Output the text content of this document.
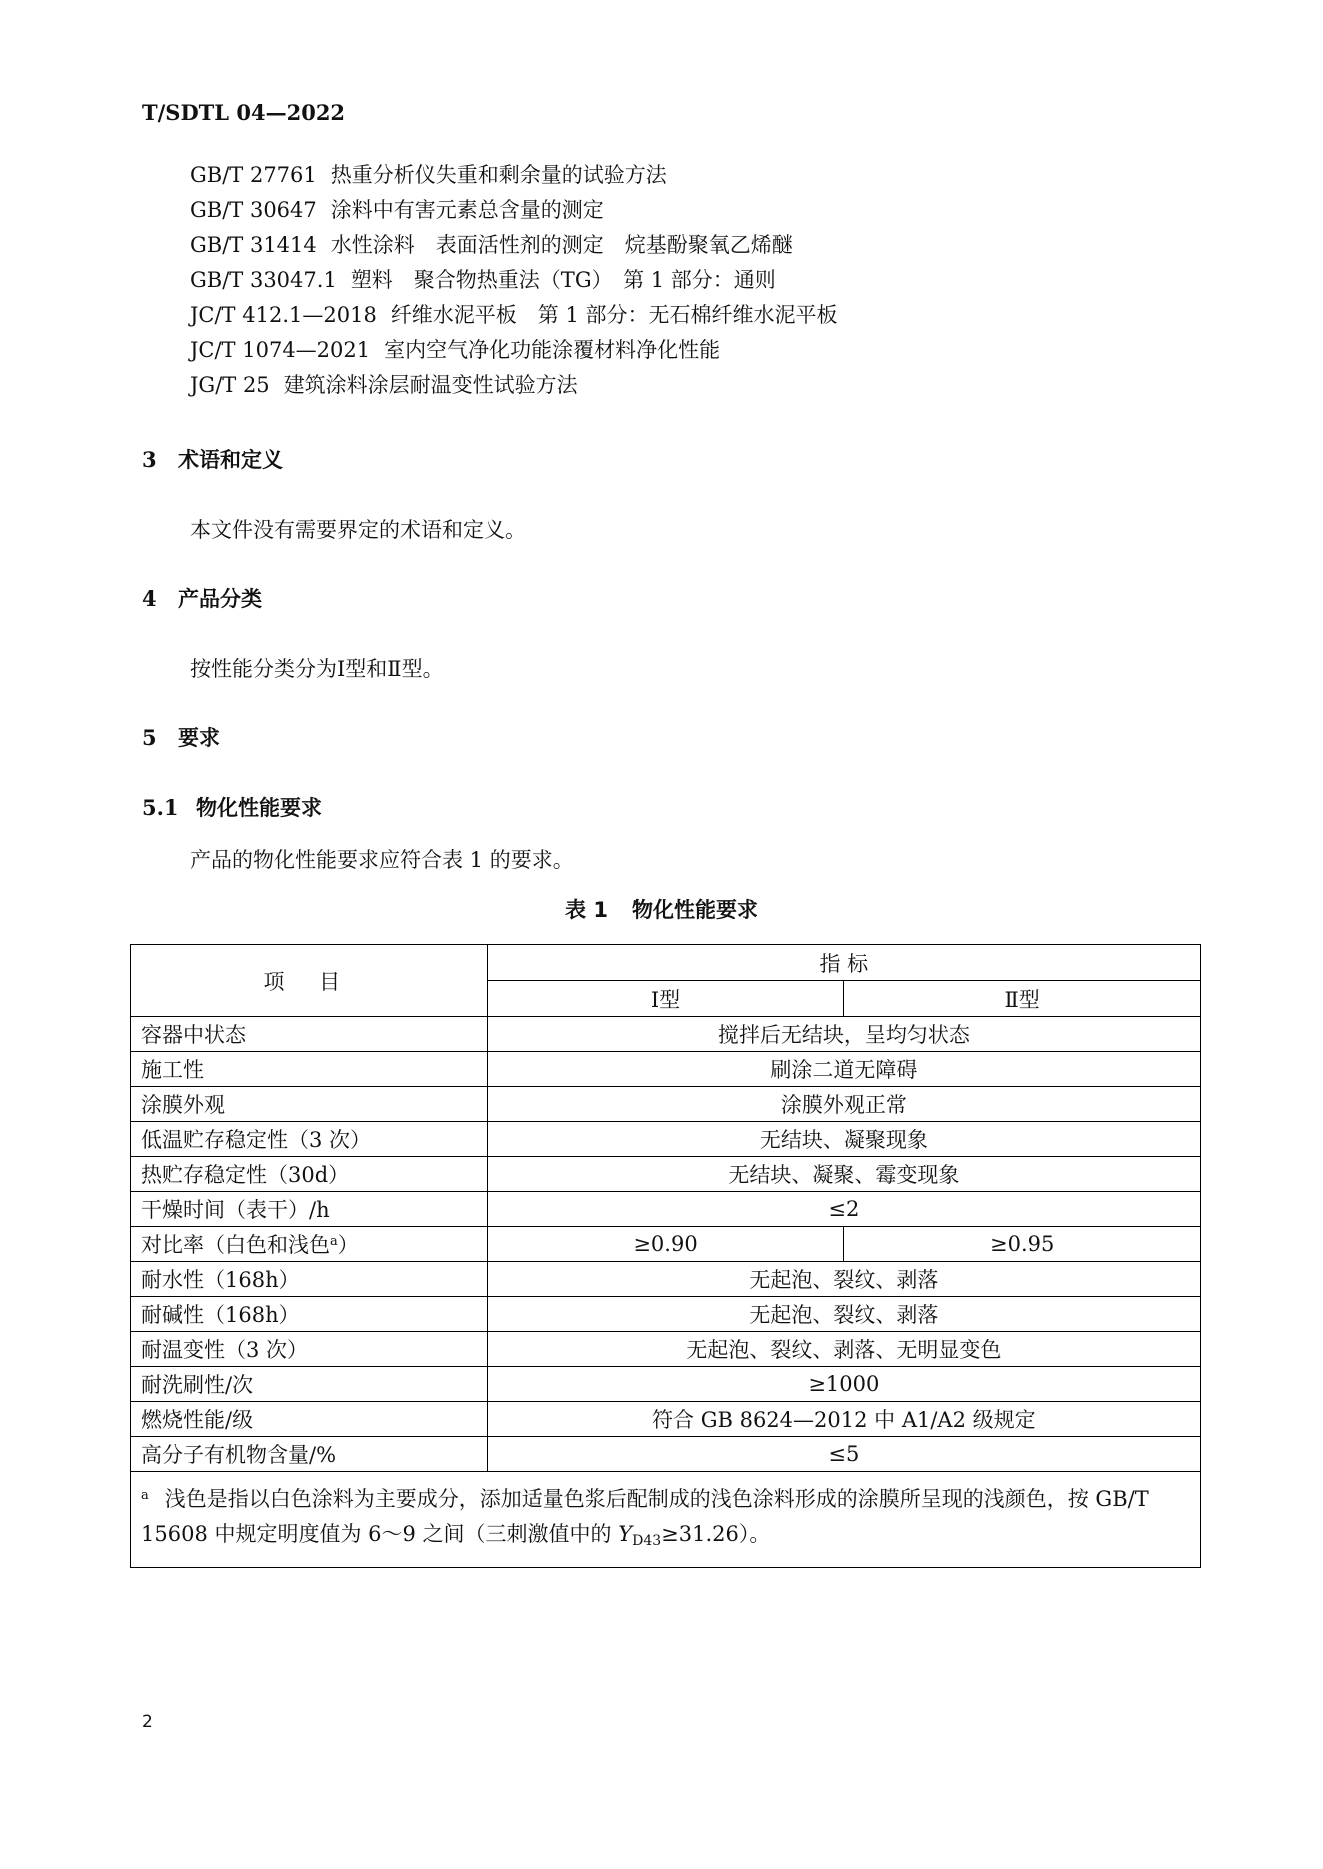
T/SDTL 04—2022
GB/T 27761 热重分析仪失重和剩余量的试验方法
GB/T 30647 涂料中有害元素总含量的测定
GB/T 31414 水性涂料　表面活性剂的测定　烷基酚聚氧乙烯醚
GB/T 33047.1 塑料　聚合物热重法（TG）　第 1 部分：通则
JC/T 412.1—2018 纤维水泥平板　第 1 部分：无石棉纤维水泥平板
JC/T 1074—2021 室内空气净化功能涂覆材料净化性能
JG/T 25 建筑涂料涂层耐温变性试验方法
3 术语和定义
本文件没有需要界定的术语和定义。
4 产品分类
按性能分类分为Ⅰ型和Ⅱ型。
5 要求
5.1 物化性能要求
产品的物化性能要求应符合表 1 的要求。
表 1 物化性能要求
项 目	指 标	
	Ⅰ型	Ⅱ型
容器中状态	搅拌后无结块，呈均匀状态	
施工性	刷涂二道无障碍	
涂膜外观	涂膜外观正常	
低温贮存稳定性（3 次）	无结块、凝聚现象	
热贮存稳定性（30d）	无结块、凝聚、霉变现象	
干燥时间（表干）/h	≤2	
对比率（白色和浅色$^a$）	≥0.90	≥0.95
耐水性（168h）	无起泡、裂纹、剥落	
耐碱性（168h）	无起泡、裂纹、剥落	
耐温变性（3 次）	无起泡、裂纹、剥落、无明显变色	
耐洗刷性/次	≥1000	
燃烧性能/级	符合 GB 8624—2012 中 A1/A2 级规定	
高分子有机物含量/%	≤5	
$^a$ 浅色是指以白色涂料为主要成分，添加适量色浆后配制成的浅色涂料形成的涂膜所呈现的浅颜色，按 GB/T 15608 中规定明度值为 6～9 之间（三刺激值中的 $Y_{D43}\ge 31.26$）。		
2
